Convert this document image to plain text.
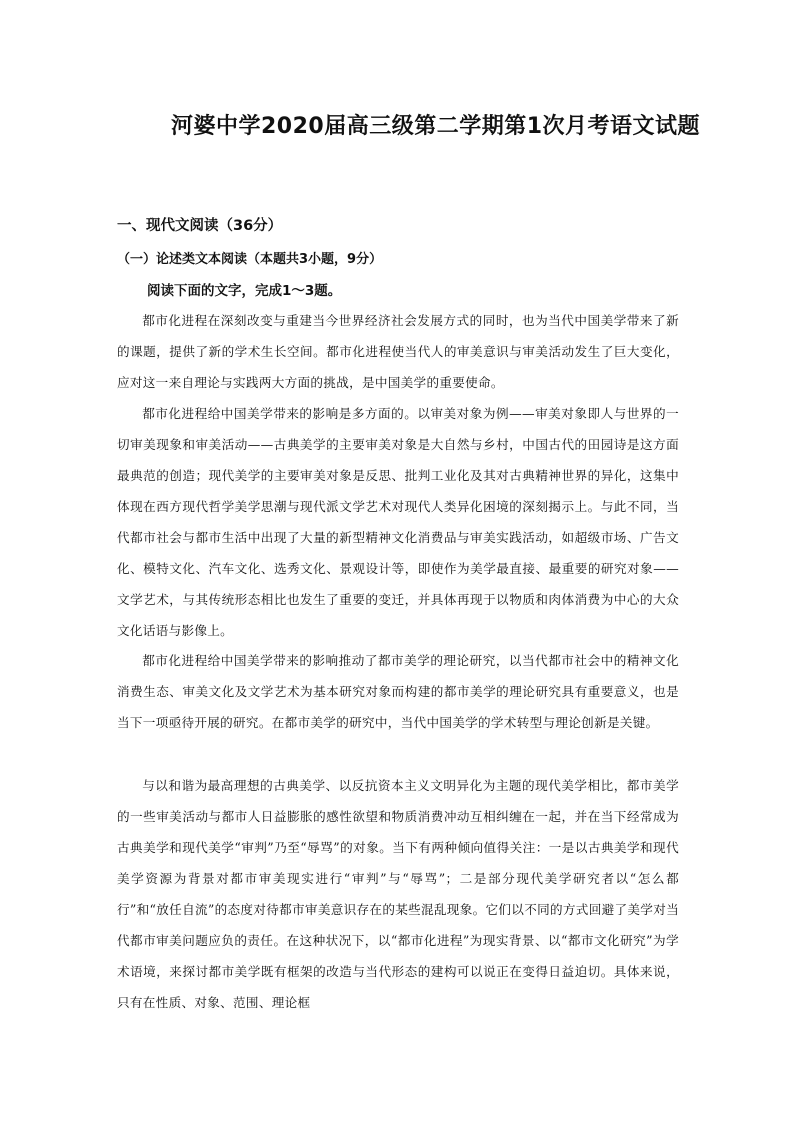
河婆中学2020届高三级第二学期第1次月考语文试题
一、现代文阅读（36分）
（一）论述类文本阅读（本题共3小题，9分）
阅读下面的文字，完成1～3题。

都市化进程在深刻改变与重建当今世界经济社会发展方式的同时，也为当代中国美学带来了新的课题，提供了新的学术生长空间。都市化进程使当代人的审美意识与审美活动发生了巨大变化，应对这一来自理论与实践两大方面的挑战，是中国美学的重要使命。

都市化进程给中国美学带来的影响是多方面的。以审美对象为例——审美对象即人与世界的一切审美现象和审美活动——古典美学的主要审美对象是大自然与乡村，中国古代的田园诗是这方面最典范的创造；现代美学的主要审美对象是反思、批判工业化及其对古典精神世界的异化，这集中体现在西方现代哲学美学思潮与现代派文学艺术对现代人类异化困境的深刻揭示上。与此不同，当代都市社会与都市生活中出现了大量的新型精神文化消费品与审美实践活动，如超级市场、广告文化、模特文化、汽车文化、选秀文化、景观设计等，即使作为美学最直接、最重要的研究对象——文学艺术，与其传统形态相比也发生了重要的变迁，并具体再现于以物质和肉体消费为中心的大众文化话语与影像上。

都市化进程给中国美学带来的影响推动了都市美学的理论研究，以当代都市社会中的精神文化消费生态、审美文化及文学艺术为基本研究对象而构建的都市美学的理论研究具有重要意义，也是当下一项亟待开展的研究。在都市美学的研究中，当代中国美学的学术转型与理论创新是关键。

与以和谐为最高理想的古典美学、以反抗资本主义文明异化为主题的现代美学相比，都市美学的一些审美活动与都市人日益膨胀的感性欲望和物质消费冲动互相纠缠在一起，并在当下经常成为古典美学和现代美学“审判”乃至“辱骂”的对象。当下有两种倾向值得关注：一是以古典美学和现代美学资源为背景对都市审美现实进行“审判”与“辱骂”；二是部分现代美学研究者以“怎么都行”和“放任自流”的态度对待都市审美意识存在的某些混乱现象。它们以不同的方式回避了美学对当代都市审美问题应负的责任。在这种状况下，以“都市化进程”为现实背景、以“都市文化研究”为学术语境，来探讨都市美学既有框架的改造与当代形态的建构可以说正在变得日益迫切。具体来说，只有在性质、对象、范围、理论框
